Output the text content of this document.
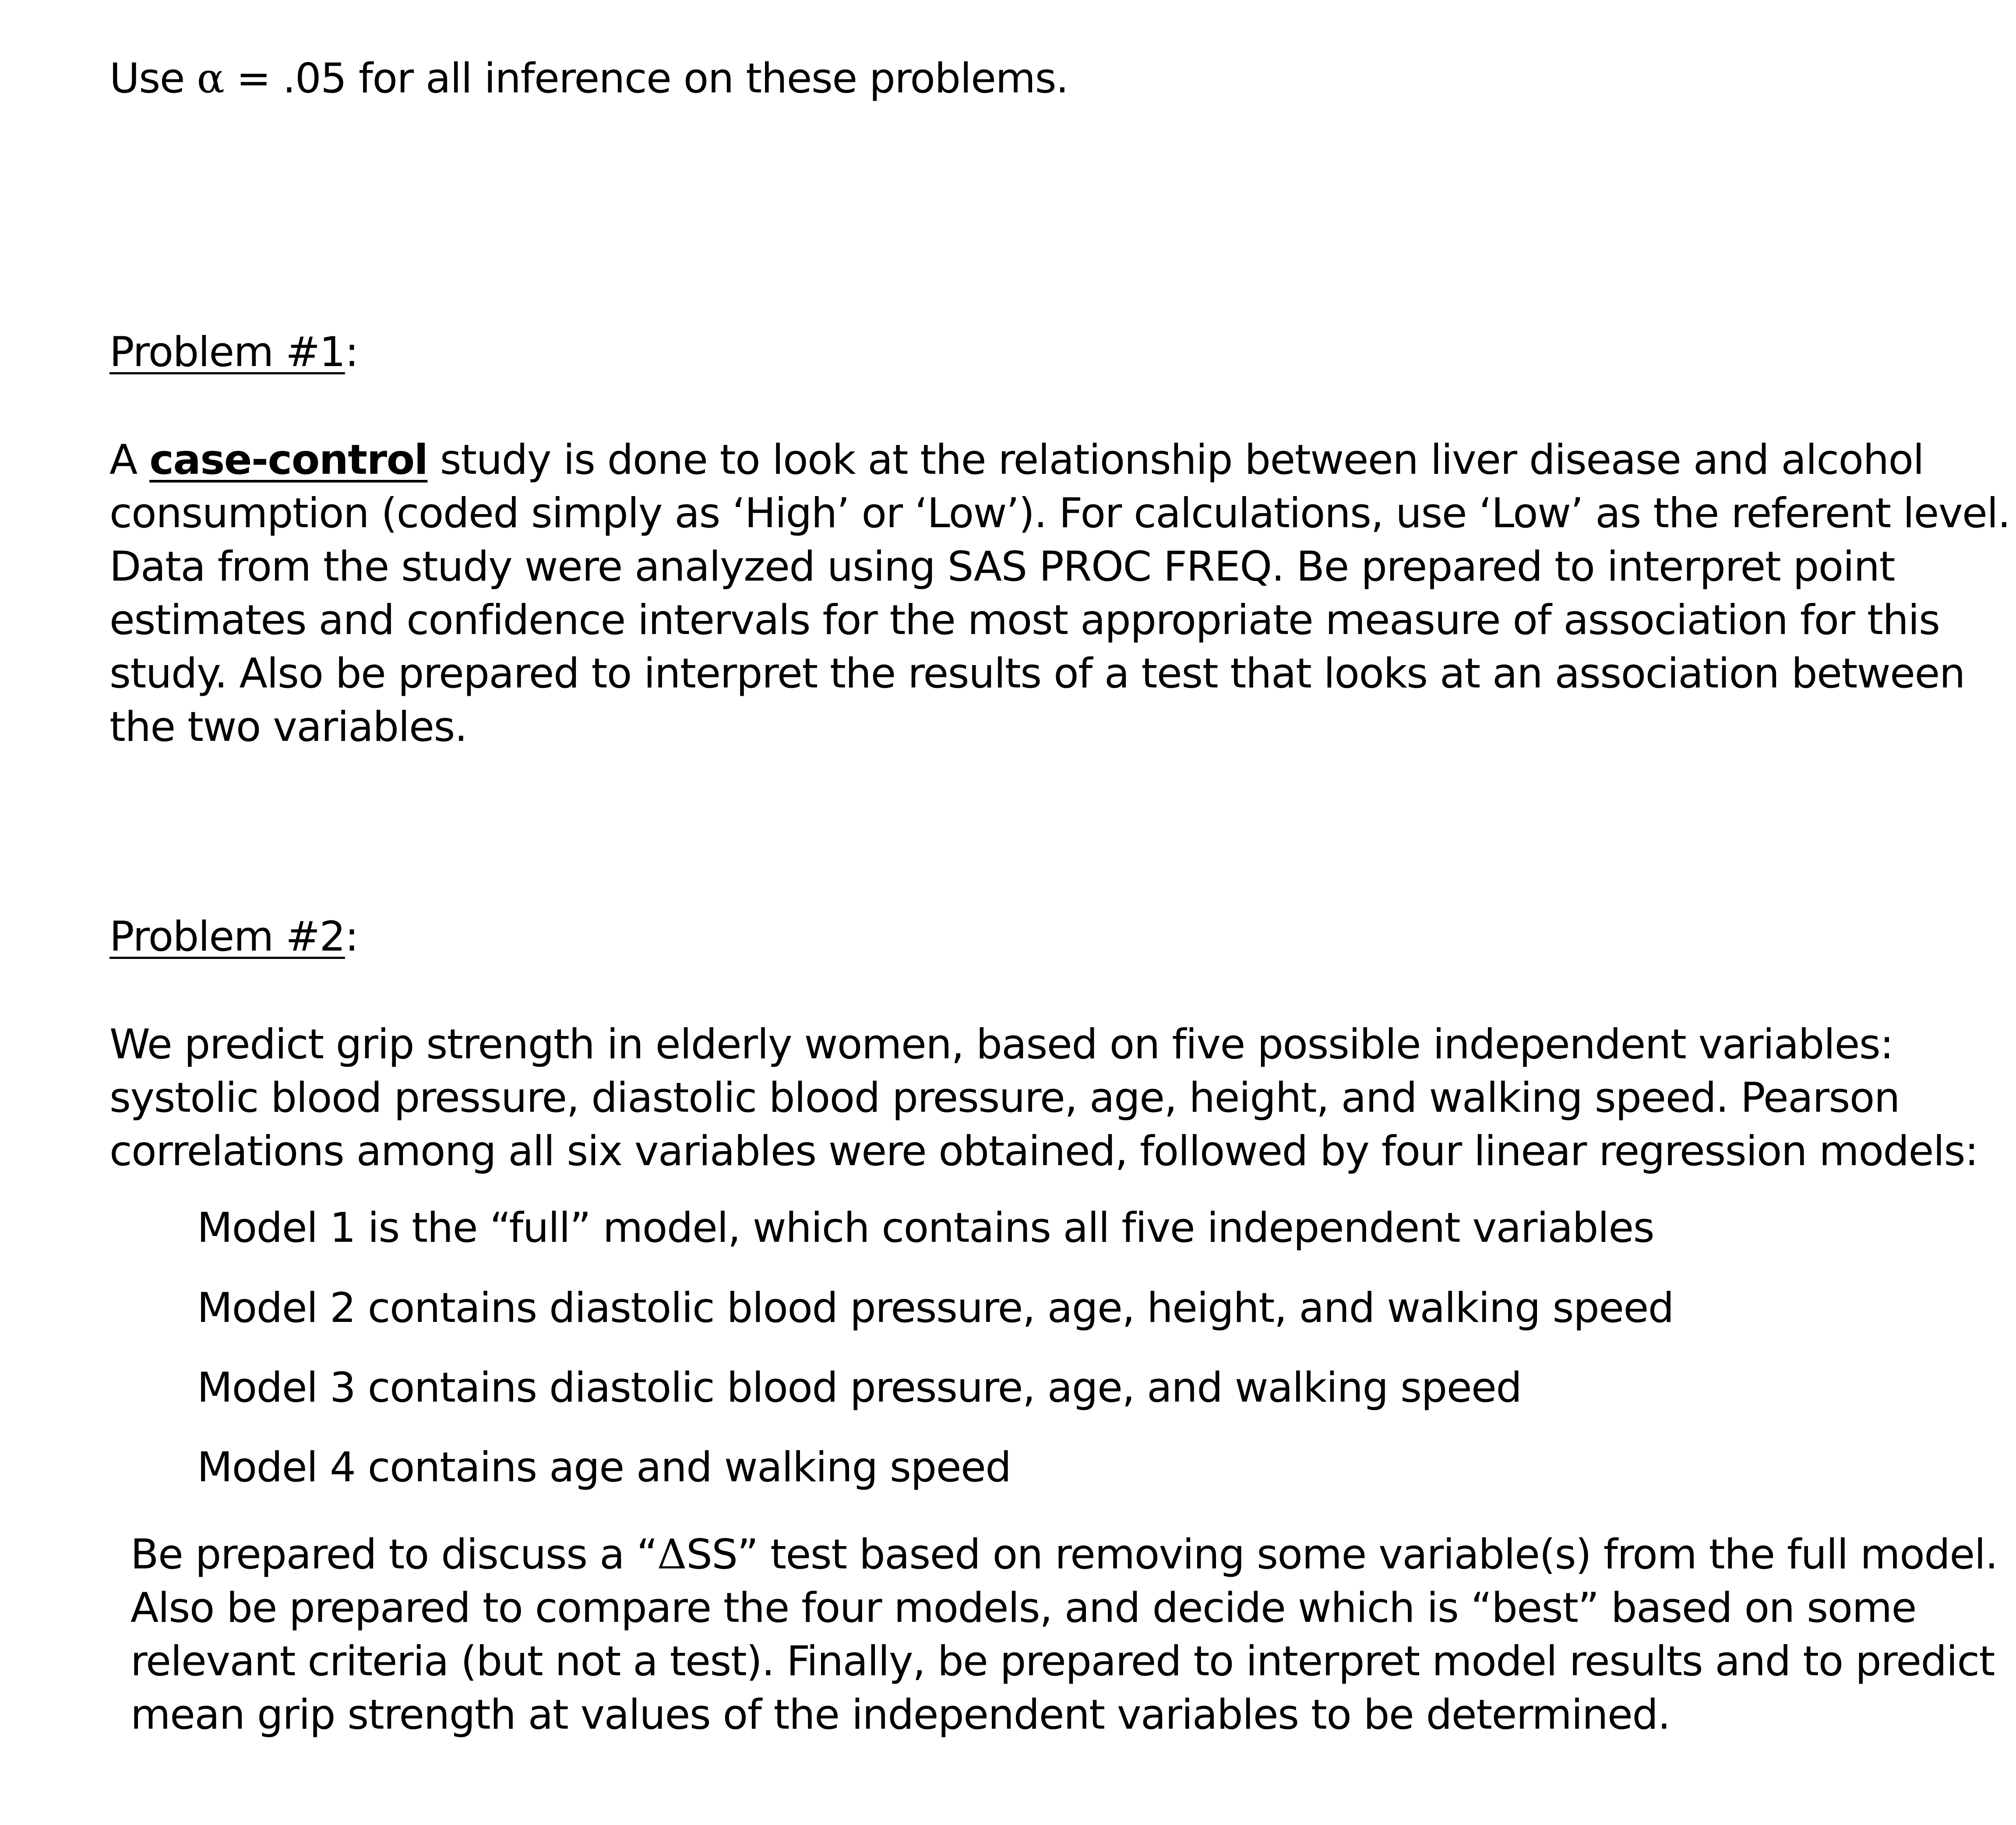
Use α = .05 for all inference on these problems.
Problem #1:
A case-control study is done to look at the relationship between liver disease and alcohol
consumption (coded simply as ‘High’ or ‘Low’). For calculations, use ‘Low’ as the referent level.
Data from the study were analyzed using SAS PROC FREQ. Be prepared to interpret point
estimates and confidence intervals for the most appropriate measure of association for this
study. Also be prepared to interpret the results of a test that looks at an association between
the two variables.
Problem #2:
We predict grip strength in elderly women, based on five possible independent variables:
systolic blood pressure, diastolic blood pressure, age, height, and walking speed. Pearson
correlations among all six variables were obtained, followed by four linear regression models:
Model 1 is the “full” model, which contains all five independent variables
Model 2 contains diastolic blood pressure, age, height, and walking speed
Model 3 contains diastolic blood pressure, age, and walking speed
Model 4 contains age and walking speed
Be prepared to discuss a “ΔSS” test based on removing some variable(s) from the full model.
Also be prepared to compare the four models, and decide which is “best” based on some
relevant criteria (but not a test). Finally, be prepared to interpret model results and to predict
mean grip strength at values of the independent variables to be determined.
